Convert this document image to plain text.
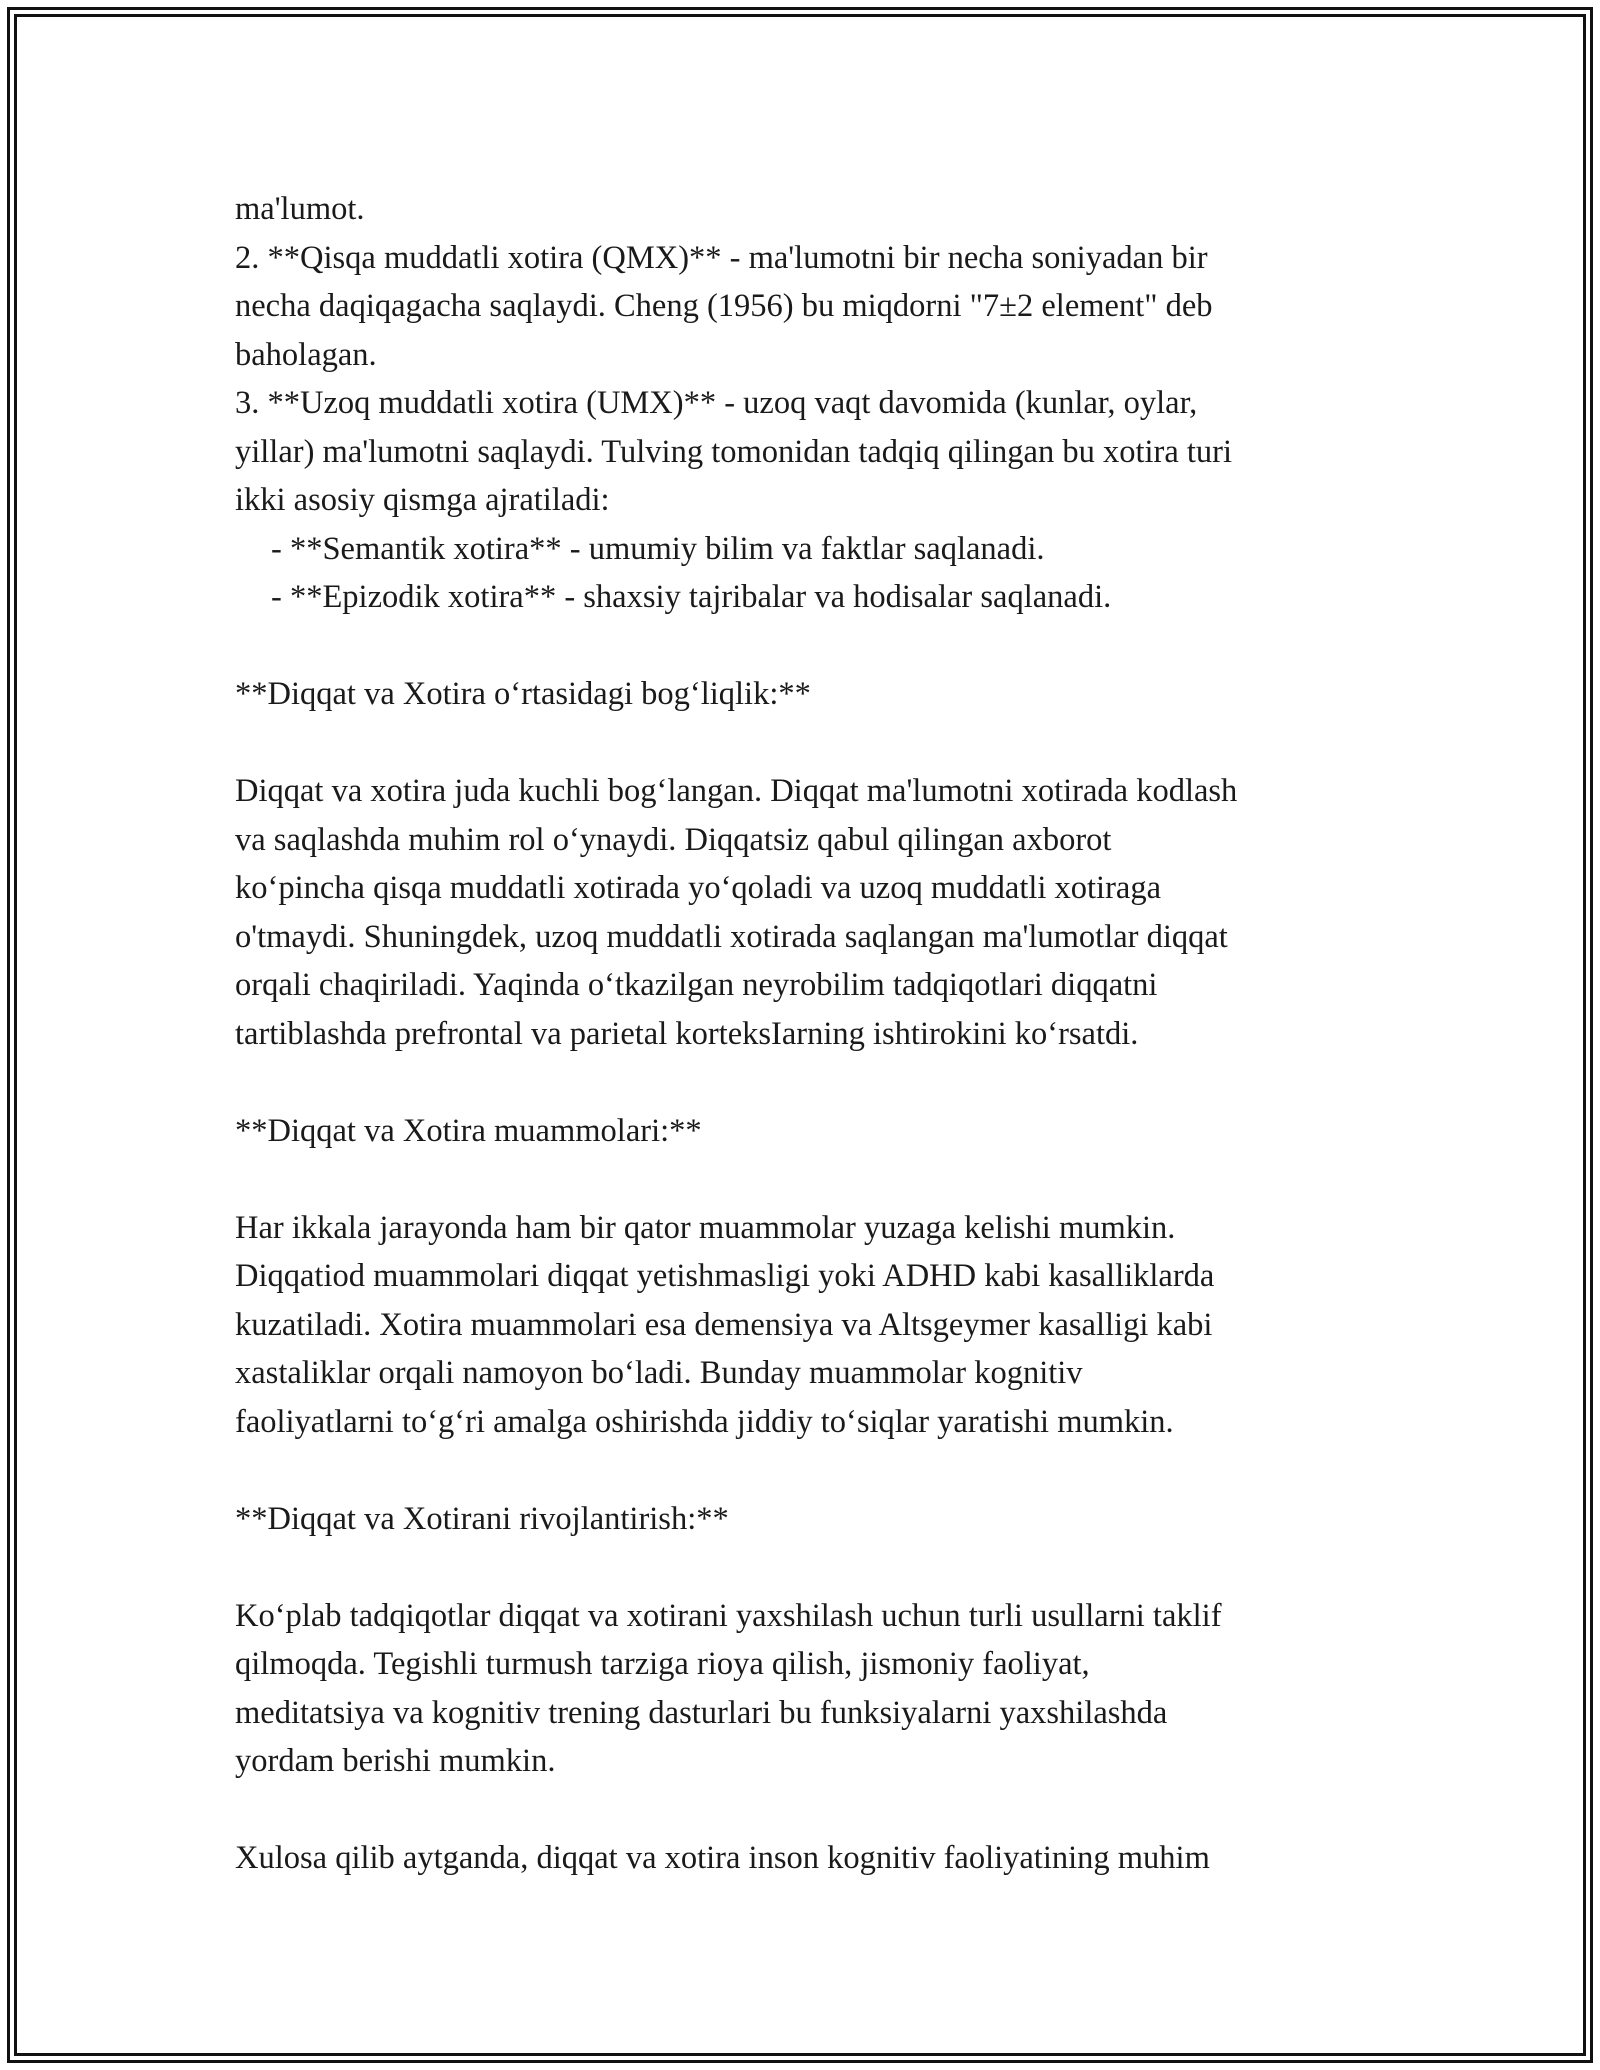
ma'lumot.
2. **Qisqa muddatli xotira (QMX)** - ma'lumotni bir necha soniyadan bir
necha daqiqagacha saqlaydi. Cheng (1956) bu miqdorni "7±2 element" deb
baholagan.
3. **Uzoq muddatli xotira (UMX)** - uzoq vaqt davomida (kunlar, oylar,
yillar) ma'lumotni saqlaydi. Tulving tomonidan tadqiq qilingan bu xotira turi
ikki asosiy qismga ajratiladi:
- **Semantik xotira** - umumiy bilim va faktlar saqlanadi.
- **Epizodik xotira** - shaxsiy tajribalar va hodisalar saqlanadi.
**Diqqat va Xotira oʻrtasidagi bogʻliqlik:**
Diqqat va xotira juda kuchli bogʻlangan. Diqqat ma'lumotni xotirada kodlash
va saqlashda muhim rol oʻynaydi. Diqqatsiz qabul qilingan axborot
koʻpincha qisqa muddatli xotirada yoʻqoladi va uzoq muddatli xotiraga
o'tmaydi. Shuningdek, uzoq muddatli xotirada saqlangan ma'lumotlar diqqat
orqali chaqiriladi. Yaqinda oʻtkazilgan neyrobilim tadqiqotlari diqqatni
tartiblashda prefrontal va parietal korteksIarning ishtirokini koʻrsatdi.
**Diqqat va Xotira muammolari:**
Har ikkala jarayonda ham bir qator muammolar yuzaga kelishi mumkin.
Diqqatiod muammolari diqqat yetishmasligi yoki ADHD kabi kasalliklarda
kuzatiladi. Xotira muammolari esa demensiya va Altsgeymer kasalligi kabi
xastaliklar orqali namoyon boʻladi. Bunday muammolar kognitiv
faoliyatlarni toʻgʻri amalga oshirishda jiddiy toʻsiqlar yaratishi mumkin.
**Diqqat va Xotirani rivojlantirish:**
Koʻplab tadqiqotlar diqqat va xotirani yaxshilash uchun turli usullarni taklif
qilmoqda. Tegishli turmush tarziga rioya qilish, jismoniy faoliyat,
meditatsiya va kognitiv trening dasturlari bu funksiyalarni yaxshilashda
yordam berishi mumkin.
Xulosa qilib aytganda, diqqat va xotira inson kognitiv faoliyatining muhim
